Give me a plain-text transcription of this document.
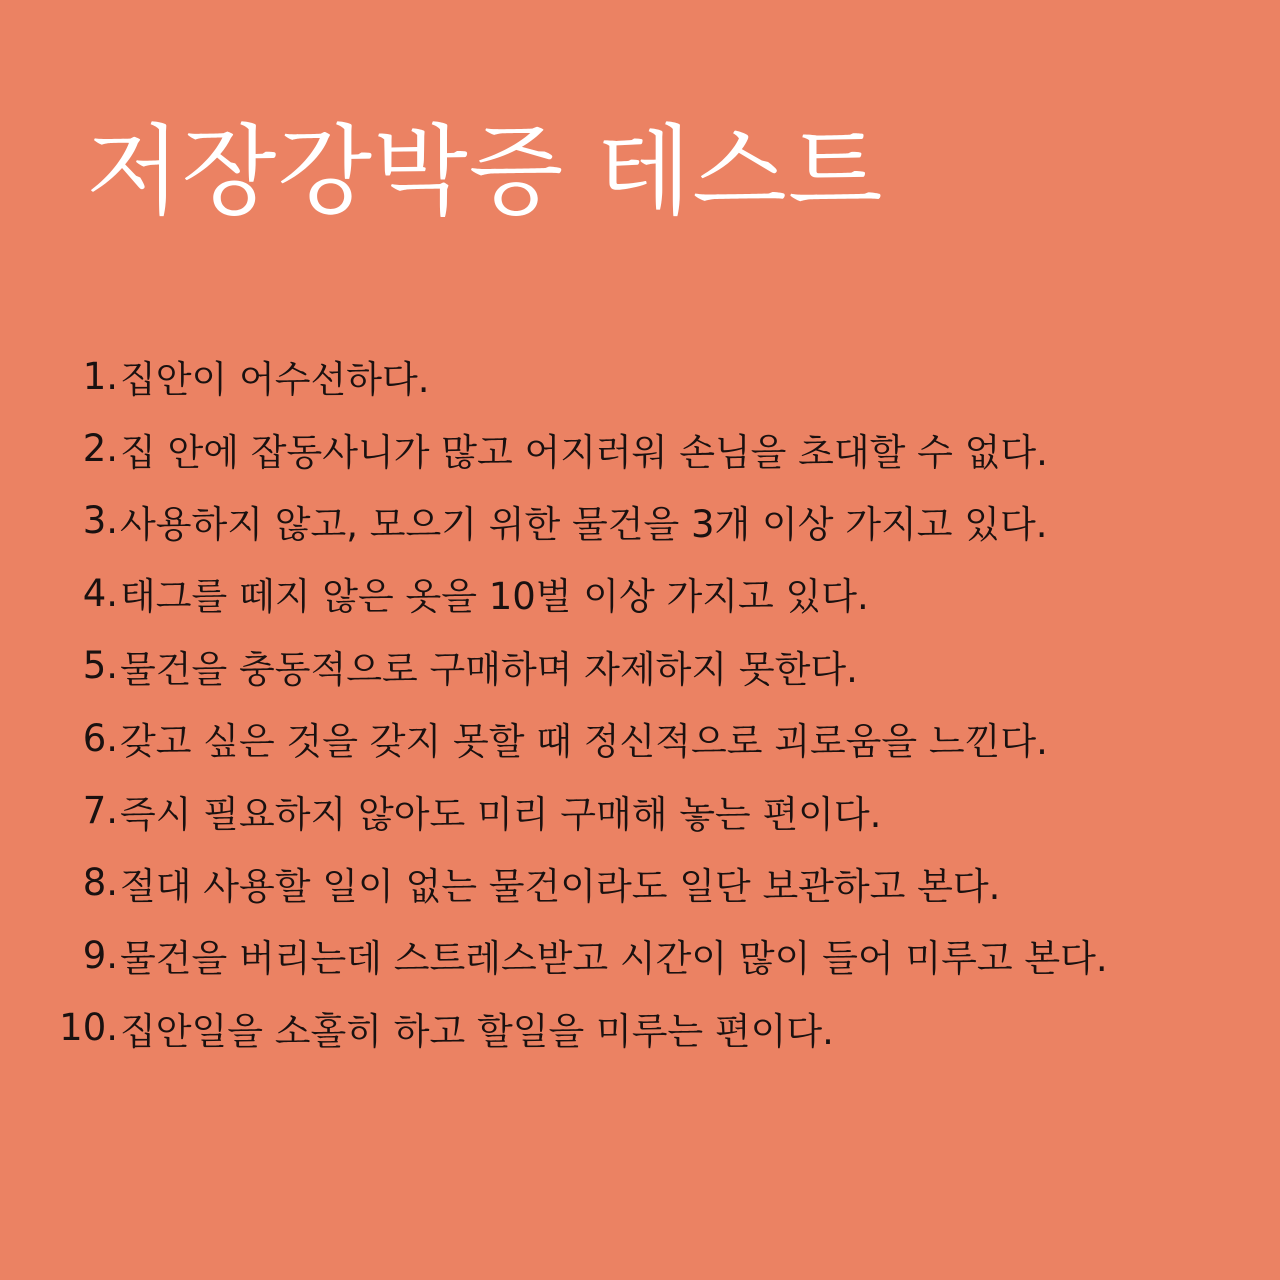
저장강박증 테스트
1. 집안이 어수선하다.
2. 집 안에 잡동사니가 많고 어지러워 손님을 초대할 수 없다.
3. 사용하지 않고, 모으기 위한 물건을 3개 이상 가지고 있다.
4. 태그를 떼지 않은 옷을 10벌 이상 가지고 있다.
5. 물건을 충동적으로 구매하며 자제하지 못한다.
6. 갖고 싶은 것을 갖지 못할 때 정신적으로 괴로움을 느낀다.
7. 즉시 필요하지 않아도 미리 구매해 놓는 편이다.
8. 절대 사용할 일이 없는 물건이라도 일단 보관하고 본다.
9. 물건을 버리는데 스트레스받고 시간이 많이 들어 미루고 본다.
10. 집안일을 소홀히 하고 할일을 미루는 편이다.
